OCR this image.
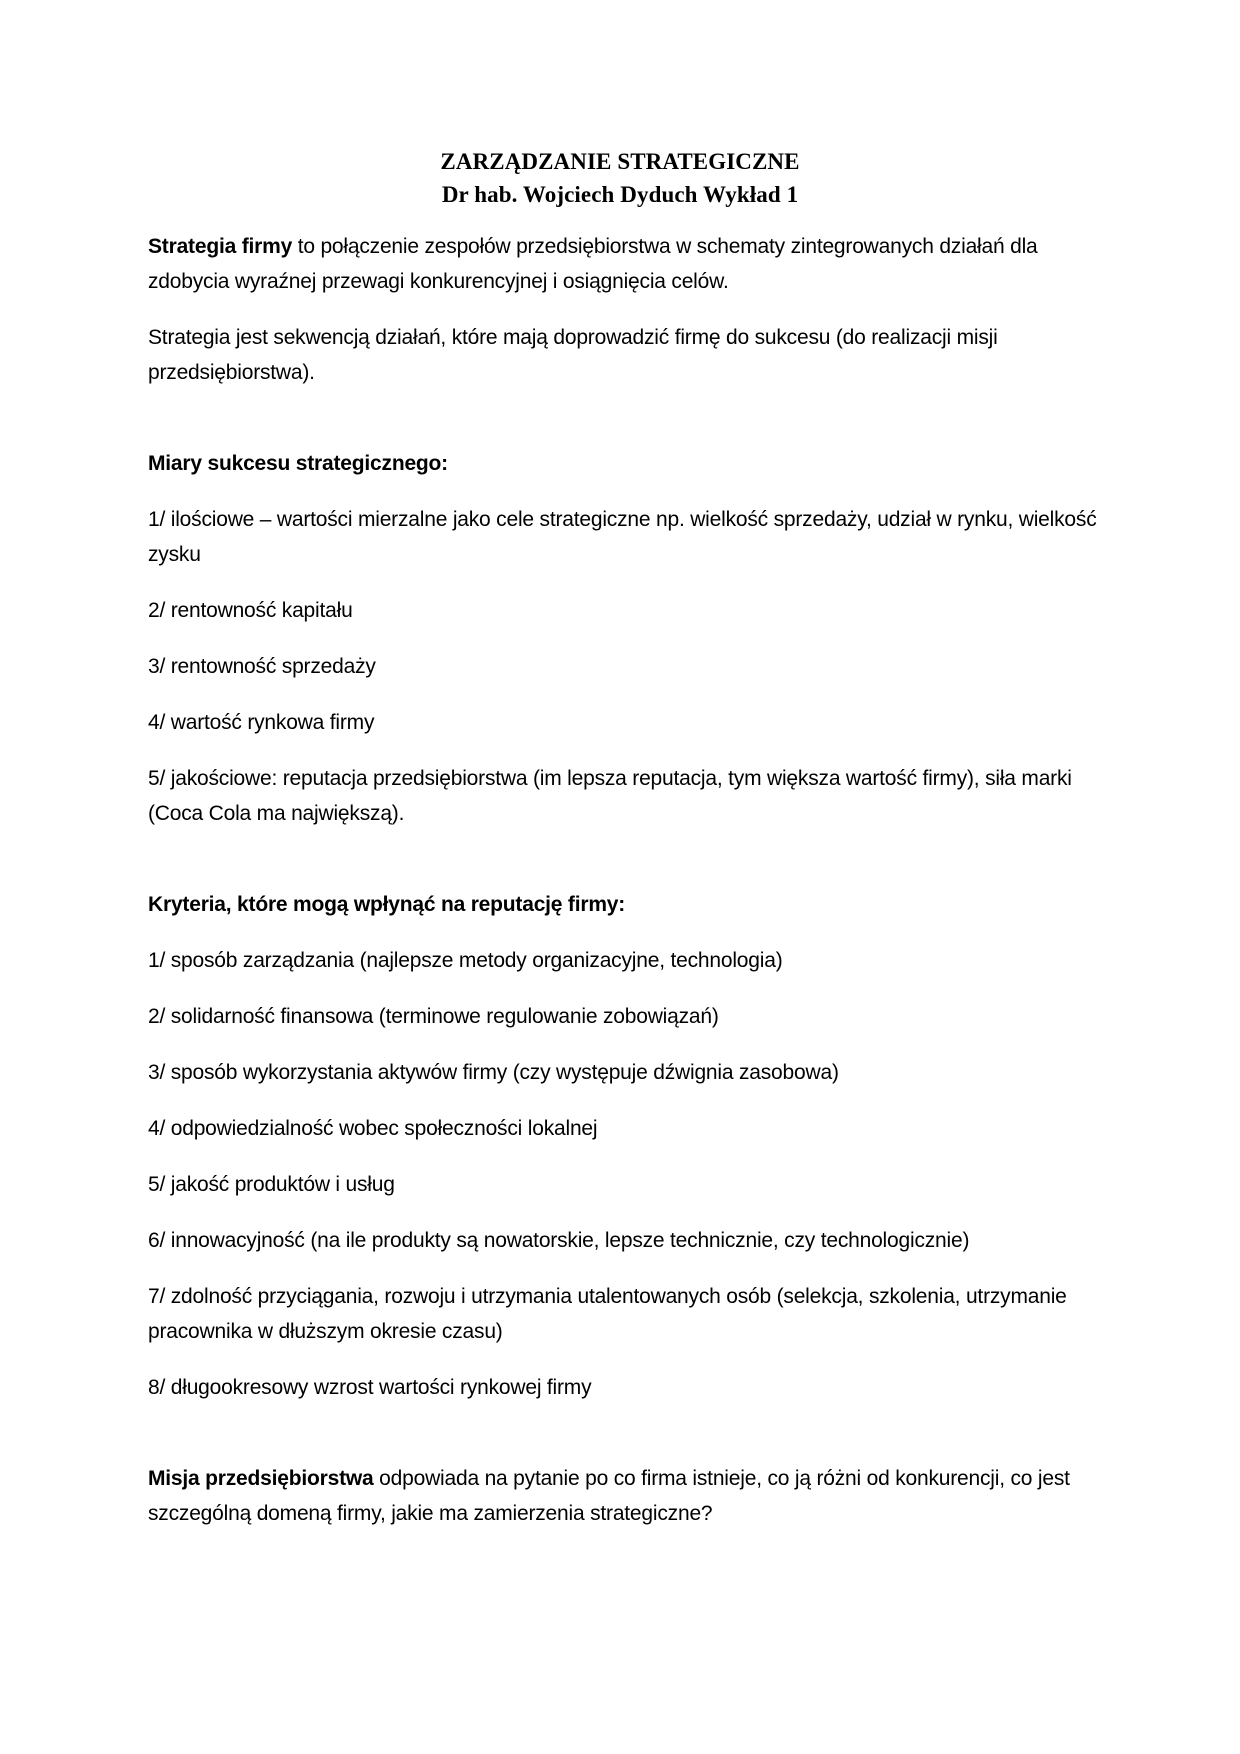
ZARZĄDZANIE STRATEGICZNE
Dr hab. Wojciech Dyduch Wykład 1

Strategia firmy to połączenie zespołów przedsiębiorstwa w schematy zintegrowanych działań dla zdobycia wyraźnej przewagi konkurencyjnej i osiągnięcia celów.

Strategia jest sekwencją działań, które mają doprowadzić firmę do sukcesu (do realizacji misji przedsiębiorstwa).

Miary sukcesu strategicznego:

1/ ilościowe – wartości mierzalne jako cele strategiczne np. wielkość sprzedaży, udział w rynku, wielkość zysku

2/ rentowność kapitału

3/ rentowność sprzedaży

4/ wartość rynkowa firmy

5/ jakościowe: reputacja przedsiębiorstwa (im lepsza reputacja, tym większa wartość firmy), siła marki (Coca Cola ma największą).

Kryteria, które mogą wpłynąć na reputację firmy:

1/ sposób zarządzania (najlepsze metody organizacyjne, technologia)

2/ solidarność finansowa (terminowe regulowanie zobowiązań)

3/ sposób wykorzystania aktywów firmy (czy występuje dźwignia zasobowa)

4/ odpowiedzialność wobec społeczności lokalnej

5/ jakość produktów i usług

6/ innowacyjność (na ile produkty są nowatorskie, lepsze technicznie, czy technologicznie)

7/ zdolność przyciągania, rozwoju i utrzymania utalentowanych osób (selekcja, szkolenia, utrzymanie pracownika w dłuższym okresie czasu)

8/ długookresowy wzrost wartości rynkowej firmy

Misja przedsiębiorstwa odpowiada na pytanie po co firma istnieje, co ją różni od konkurencji, co jest szczególną domeną firmy, jakie ma zamierzenia strategiczne?
